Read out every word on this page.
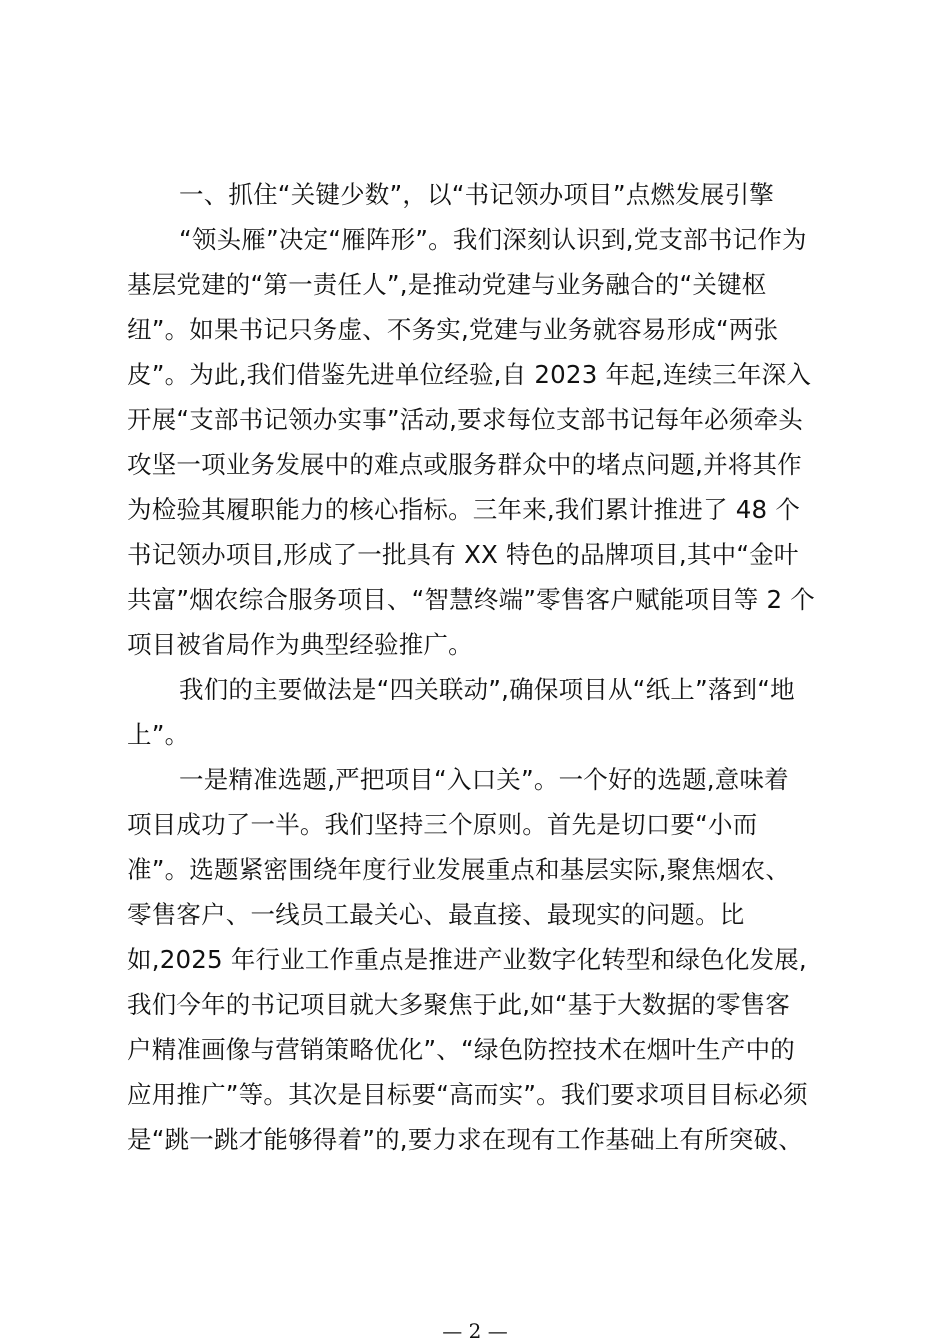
一、抓住“关键少数”，以“书记领办项目”点燃发展引擎
“领头雁”决定“雁阵形”。我们深刻认识到,党支部书记作为
基层党建的“第一责任人”,是推动党建与业务融合的“关键枢
纽”。如果书记只务虚、不务实,党建与业务就容易形成“两张
皮”。为此,我们借鉴先进单位经验,自 2023 年起,连续三年深入
开展“支部书记领办实事”活动,要求每位支部书记每年必须牵头
攻坚一项业务发展中的难点或服务群众中的堵点问题,并将其作
为检验其履职能力的核心指标。三年来,我们累计推进了 48 个
书记领办项目,形成了一批具有 XX 特色的品牌项目,其中“金叶
共富”烟农综合服务项目、“智慧终端”零售客户赋能项目等 2 个
项目被省局作为典型经验推广。
我们的主要做法是“四关联动”,确保项目从“纸上”落到“地
上”。
一是精准选题,严把项目“入口关”。一个好的选题,意味着
项目成功了一半。我们坚持三个原则。首先是切口要“小而
准”。选题紧密围绕年度行业发展重点和基层实际,聚焦烟农、
零售客户、一线员工最关心、最直接、最现实的问题。比
如,2025 年行业工作重点是推进产业数字化转型和绿色化发展,
我们今年的书记项目就大多聚焦于此,如“基于大数据的零售客
户精准画像与营销策略优化”、“绿色防控技术在烟叶生产中的
应用推广”等。其次是目标要“高而实”。我们要求项目目标必须
是“跳一跳才能够得着”的,要力求在现有工作基础上有所突破、
— 2 —
